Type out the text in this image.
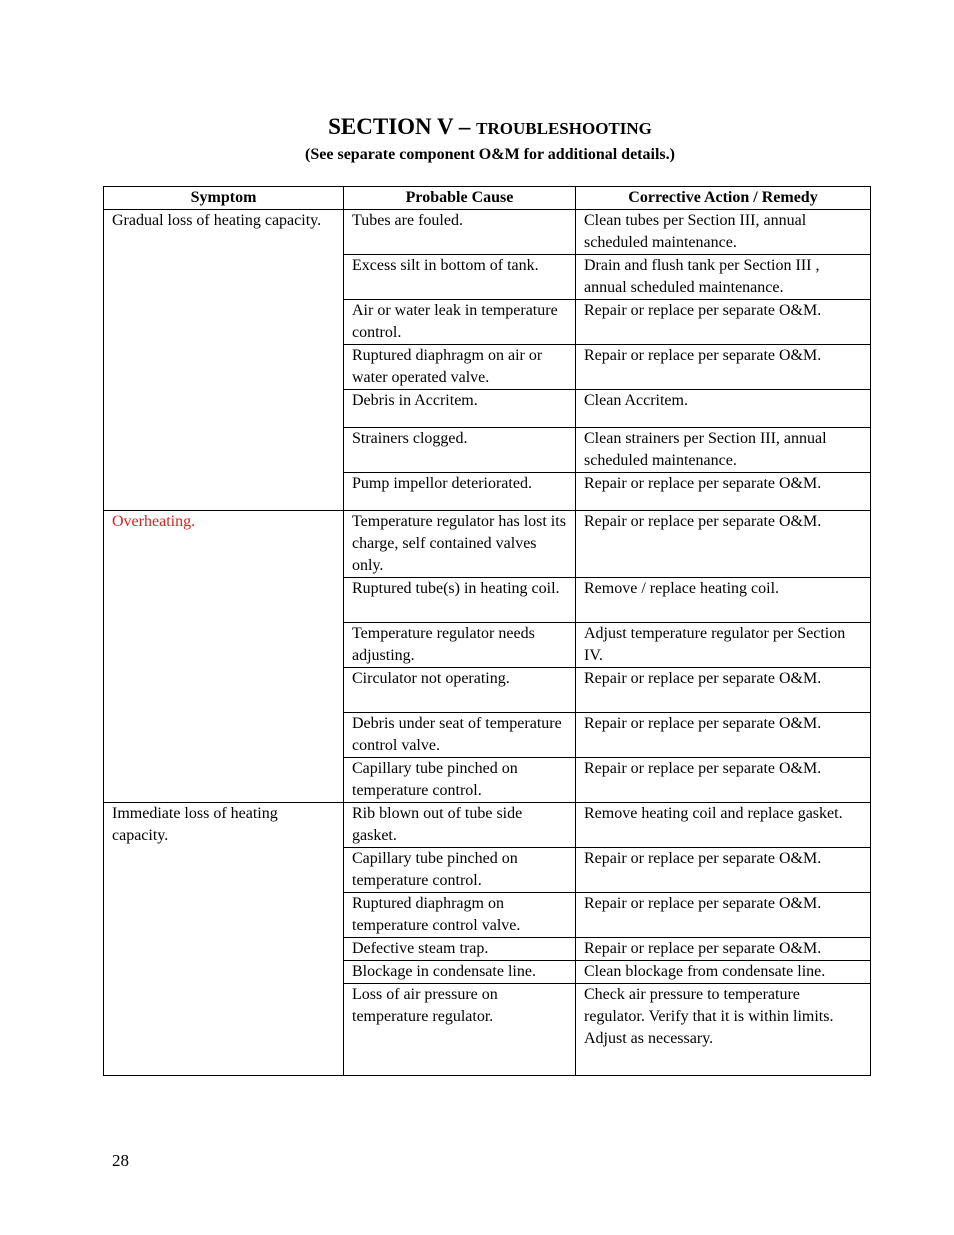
SECTION V – TROUBLESHOOTING
(See separate component O&M for additional details.)
Symptom	Probable Cause	Corrective Action / Remedy
Gradual loss of heating capacity.	Tubes are fouled.	Clean tubes per Section III, annual scheduled maintenance.
	Excess silt in bottom of tank.	Drain and flush tank per Section III , annual scheduled maintenance.
	Air or water leak in temperature control.	Repair or replace per separate O&M.
	Ruptured diaphragm on air or water operated valve.	Repair or replace per separate O&M.
	Debris in Accritem.	Clean Accritem.
	Strainers clogged.	Clean strainers per Section III, annual scheduled maintenance.
	Pump impellor deteriorated.	Repair or replace per separate O&M.
Overheating.	Temperature regulator has lost its charge, self contained valves only.	Repair or replace per separate O&M.
	Ruptured tube(s) in heating coil.	Remove / replace heating coil.
	Temperature regulator needs adjusting.	Adjust temperature regulator per Section IV.
	Circulator not operating.	Repair or replace per separate O&M.
	Debris under seat of temperature control valve.	Repair or replace per separate O&M.
	Capillary tube pinched on temperature control.	Repair or replace per separate O&M.
Immediate loss of heating capacity.	Rib blown out of tube side gasket.	Remove heating coil and replace gasket.
	Capillary tube pinched on temperature control.	Repair or replace per separate O&M.
	Ruptured diaphragm on temperature control valve.	Repair or replace per separate O&M.
	Defective steam trap.	Repair or replace per separate O&M.
	Blockage in condensate line.	Clean blockage from condensate line.
	Loss of air pressure on temperature regulator.	Check air pressure to temperature regulator. Verify that it is within limits. Adjust as necessary.
28
